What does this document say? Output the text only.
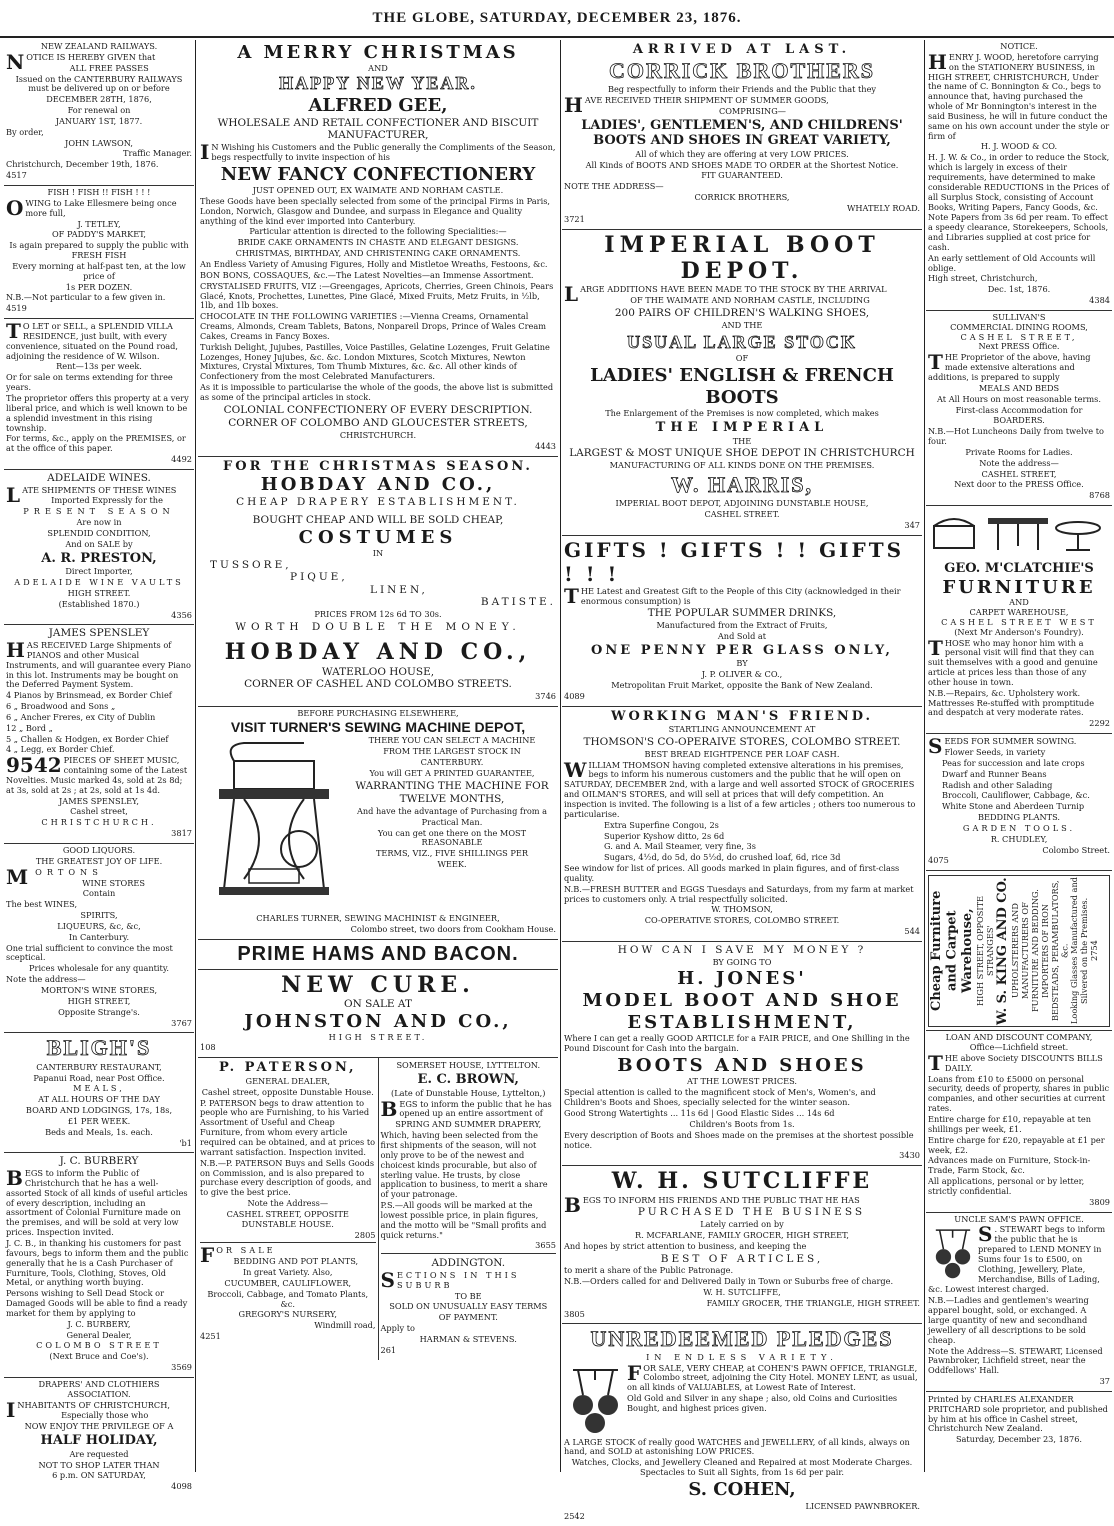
THE GLOBE, SATURDAY, DECEMBER 23, 1876.
NEW ZEALAND RAILWAYS.

NOTICE IS HEREBY GIVEN that

ALL FREE PASSES

Issued on the CANTERBURY RAILWAYS must be delivered up on or before

DECEMBER 28TH, 1876,

For renewal on

JANUARY 1ST, 1877.

By order,

JOHN LAWSON,

Traffic Manager.

Christchurch, December 19th, 1876.

4517

FISH ! FISH !! FISH ! ! !

OWING to Lake Ellesmere being once more full,

J. TETLEY,

OF PADDY'S MARKET,

Is again prepared to supply the public with FRESH FISH

Every morning at half-past ten, at the low price of

1s PER DOZEN.

N.B.—Not particular to a few given in.

4519

T O LET or SELL, a SPLENDID VILLA RESIDENCE, just built, with every convenience, situated on the Pound road, adjoining the residence of W. Wilson.

Rent—13s per week.

Or for sale on terms extending for three years.

The proprietor offers this property at a very liberal price, and which is well known to be a splendid investment in this rising township.

For terms, &c., apply on the PREMISES, or at the office of this paper.

4492

ADELAIDE WINES.

LATE SHIPMENTS OF THESE WINES

Imported Expressly for the

PRESENT SEASON

Are now in

SPLENDID CONDITION,

And on SALE by

A. R. PRESTON,

Direct Importer,

ADELAIDE WINE VAULTS

HIGH STREET.

(Established 1870.)

4356

JAMES SPENSLEY

HAS RECEIVED Large Shipments of PIANOS and other Musical Instruments, and will guarantee every Piano in this lot. Instruments may be bought on the Deferred Payment System.

4 Pianos by Brinsmead, ex Border Chief

6 „ Broadwood and Sons „

6 „ Ancher Freres, ex City of Dublin

12 „ Bord „

5 „ Challen & Hodgen, ex Border Chief

4 „ Legg, ex Border Chief.

9542 PIECES OF SHEET MUSIC, containing some of the Latest Novelties. Music marked 4s, sold at 2s 8d; at 3s, sold at 2s ; at 2s, sold at 1s 4d.

JAMES SPENSLEY,

Cashel street,

CHRISTCHURCH.

3817

GOOD LIQUORS.

THE GREATEST JOY OF LIFE.

MORTONS

WINE STORES

Contain

The best WINES,

SPIRITS,

LIQUEURS, &c, &c,

In Canterbury.

One trial sufficient to convince the most sceptical.

Prices wholesale for any quantity.

Note the address—

MORTON'S WINE STORES,

HIGH STREET,

Opposite Strange's.

3767

BLIGH'S

CANTERBURY RESTAURANT,

Papanui Road, near Post Office.

MEALS,

AT ALL HOURS OF THE DAY

BOARD AND LODGINGS, 17s, 18s,

£1 PER WEEK.

Beds and Meals, 1s. each.

'b1

J. C. BURBERY

BEGS to inform the Public of Christchurch that he has a well-assorted Stock of all kinds of useful articles of every description, including an assortment of Colonial Furniture made on the premises, and will be sold at very low prices. Inspection invited.

J. C. B., in thanking his customers for past favours, begs to inform them and the public generally that he is a Cash Purchaser of Furniture, Tools, Clothing, Stoves, Old Metal, or anything worth buying.

Persons wishing to Sell Dead Stock or Damaged Goods will be able to find a ready market for them by applying to

J. C. BURBERY,

General Dealer,

COLOMBO STREET

(Next Bruce and Coe's).

3569

DRAPERS' AND CLOTHIERS ASSOCIATION.

INHABITANTS OF CHRISTCHURCH,

Especially those who

NOW ENJOY THE PRIVILEGE OF A

HALF HOLIDAY,

Are requested

NOT TO SHOP LATER THAN

6 p.m. ON SATURDAY,

4098

A MERRY CHRISTMAS
AND
HAPPY NEW YEAR.
ALFRED GEE,
WHOLESALE AND RETAIL CONFECTIONER AND BISCUIT MANUFACTURER,

I N Wishing his Customers and the Public generally the Compliments of the Season, begs respectfully to invite inspection of his

NEW FANCY CONFECTIONERY

JUST OPENED OUT, EX WAIMATE AND NORHAM CASTLE.

These Goods have been specially selected from some of the principal Firms in Paris, London, Norwich, Glasgow and Dundee, and surpass in Elegance and Quality anything of the kind ever imported into Canterbury.

Particular attention is directed to the following Specialities:—

BRIDE CAKE ORNAMENTS IN CHASTE AND ELEGANT DESIGNS.

CHRISTMAS, BIRTHDAY, AND CHRISTENING CAKE ORNAMENTS.

An Endless Variety of Amusing Figures, Holly and Mistletoe Wreaths, Festoons, &c.

BON BONS, COSSAQUES, &c.—The Latest Novelties—an Immense Assortment.

CRYSTALISED FRUITS, VIZ :—Greengages, Apricots, Cherries, Green Chinois, Pears Glacé, Knots, Prochettes, Lunettes, Pine Glacé, Mixed Fruits, Metz Fruits, in ½lb, 1lb, and 1lb boxes.

CHOCOLATE IN THE FOLLOWING VARIETIES :—Vienna Creams, Ornamental Creams, Almonds, Cream Tablets, Batons, Nonpareil Drops, Prince of Wales Cream Cakes, Creams in Fancy Boxes.

Turkish Delight, Jujubes, Pastilles, Voice Pastilles, Gelatine Lozenges, Fruit Gelatine Lozenges, Honey Jujubes, &c. &c. London Mixtures, Scotch Mixtures, Newton Mixtures, Crystal Mixtures, Tom Thumb Mixtures, &c. &c. All other kinds of Confectionery from the most Celebrated Manufacturers.

As it is impossible to particularise the whole of the goods, the above list is submitted as some of the principal articles in stock.

COLONIAL CONFECTIONERY OF EVERY DESCRIPTION.

CORNER OF COLOMBO AND GLOUCESTER STREETS,

CHRISTCHURCH.

4443

FOR THE CHRISTMAS SEASON.
HOBDAY AND CO.,
CHEAP DRAPERY ESTABLISHMENT.
BOUGHT CHEAP AND WILL BE SOLD CHEAP,
COSTUMES
IN
TUSSORE,
PIQUE,
LINEN,
BATISTE.

PRICES FROM 12s 6d TO 30s.

WORTH DOUBLE THE MONEY.
HOBDAY AND CO.,
WATERLOO HOUSE,
CORNER OF CASHEL AND COLOMBO STREETS.

3746

BEFORE PURCHASING ELSEWHERE,
VISIT TURNER'S SEWING MACHINE DEPOT,

THERE YOU CAN SELECT A MACHINE

FROM THE LARGEST STOCK IN

CANTERBURY.

You will GET A PRINTED GUARANTEE,

WARRANTING THE MACHINE FOR

TWELVE MONTHS,

And have the advantage of Purchasing from a

Practical Man.

You can get one there on the MOST REASONABLE

TERMS, VIZ., FIVE SHILLINGS PER

WEEK.

CHARLES TURNER, SEWING MACHINIST & ENGINEER,

Colombo street, two doors from Cookham House.

PRIME HAMS AND BACON.
NEW CURE.
ON SALE AT
JOHNSTON AND CO.,
HIGH STREET.

108

P. PATERSON,

GENERAL DEALER,

Cashel street, opposite Dunstable House.

P. PATERSON begs to draw attention to people who are Furnishing, to his Varied Assortment of Useful and Cheap Furniture, from whom every article required can be obtained, and at prices to warrant satisfaction. Inspection invited.

N.B.—P. PATERSON Buys and Sells Goods on Commission, and is also prepared to purchase every description of goods, and to give the best price.

Note the Address—

CASHEL STREET, OPPOSITE DUNSTABLE HOUSE.

2805

FOR SALE

BEDDING AND POT PLANTS,

In great Variety. Also,

CUCUMBER, CAULIFLOWER,

Broccoli, Cabbage, and Tomato Plants, &c.

GREGORY'S NURSERY,

Windmill road,

4251

SOMERSET HOUSE, LYTTELTON.

E. C. BROWN,

(Late of Dunstable House, Lyttelton,)

BEGS to inform the public that he has opened up an entire assortment of

SPRING AND SUMMER DRAPERY,

Which, having been selected from the first shipments of the season, will not only prove to be of the newest and choicest kinds procurable, but also of sterling value. He trusts, by close application to business, to merit a share of your patronage.

P.S.—All goods will be marked at the lowest possible price, in plain figures, and the motto will be "Small profits and quick returns."

3655

ADDINGTON.

SECTIONS IN THIS SUBURB

TO BE

SOLD ON UNUSUALLY EASY TERMS

OF PAYMENT.

Apply to

HARMAN & STEVENS.

261

ARRIVED AT LAST.
CORRICK BROTHERS

Beg respectfully to inform their Friends and the Public that they

HAVE RECEIVED THEIR SHIPMENT OF SUMMER GOODS,

COMPRISING—

LADIES', GENTLEMEN'S, AND CHILDRENS'
BOOTS AND SHOES IN GREAT VARIETY,

All of which they are offering at very LOW PRICES.

All Kinds of BOOTS AND SHOES MADE TO ORDER at the Shortest Notice.

FIT GUARANTEED.

NOTE THE ADDRESS—

CORRICK BROTHERS,

WHATELY ROAD.

3721

IMPERIAL BOOT DEPOT.

LARGE ADDITIONS HAVE BEEN MADE TO THE STOCK BY THE ARRIVAL

OF THE WAIMATE AND NORHAM CASTLE, INCLUDING

200 PAIRS OF CHILDREN'S WALKING SHOES,

AND THE

USUAL LARGE STOCK

OF

LADIES' ENGLISH & FRENCH BOOTS

The Enlargement of the Premises is now completed, which makes

THE IMPERIAL

THE

LARGEST & MOST UNIQUE SHOE DEPOT IN CHRISTCHURCH

MANUFACTURING OF ALL KINDS DONE ON THE PREMISES.

W. HARRIS,

IMPERIAL BOOT DEPOT, ADJOINING DUNSTABLE HOUSE,

CASHEL STREET.

347

GIFTS ! GIFTS ! ! GIFTS ! ! !

THE Latest and Greatest Gift to the People of this City (acknowledged in their enormous consumption) is

THE POPULAR SUMMER DRINKS,

Manufactured from the Extract of Fruits,

And Sold at

ONE PENNY PER GLASS ONLY,

BY

J. P. OLIVER & CO.,

Metropolitan Fruit Market, opposite the Bank of New Zealand.

4089

WORKING MAN'S FRIEND.

STARTLING ANNOUNCEMENT AT

THOMSON'S CO-OPERAIVE STORES, COLOMBO STREET.

BEST BREAD EIGHTPENCE PER LOAF CASH.

WILLIAM THOMSON having completed extensive alterations in his premises, begs to inform his numerous customers and the public that he will open on SATURDAY, DECEMBER 2nd, with a large and well assorted STOCK of GROCERIES and OILMAN'S STORES, and will sell at prices that will defy competition. An inspection is invited. The following is a list of a few articles ; others too numerous to particularise.

Extra Superfine Congou, 2s

Superior Kyshow ditto, 2s 6d

G. and A. Mail Steamer, very fine, 3s

Sugars, 4½d, do 5d, do 5½d, do crushed loaf, 6d, rice 3d

See window for list of prices. All goods marked in plain figures, and of first-class quality.

N.B.—FRESH BUTTER and EGGS Tuesdays and Saturdays, from my farm at market prices to customers only. A trial respectfully solicited.

W. THOMSON,

CO-OPERATIVE STORES, COLOMBO STREET.

544

HOW CAN I SAVE MY MONEY ?

BY GOING TO

H. JONES'
MODEL BOOT AND SHOE
ESTABLISHMENT,

Where I can get a really GOOD ARTICLE for a FAIR PRICE, and One Shilling in the Pound Discount for Cash into the bargain.

BOOTS AND SHOES

AT THE LOWEST PRICES.

Special attention is called to the magnificent stock of Men's, Women's, and Children's Boots and Shoes, specially selected for the winter season.

Good Strong Watertights ... 11s 6d | Good Elastic Sides ... 14s 6d

Children's Boots from 1s.

Every description of Boots and Shoes made on the premises at the shortest possible notice.

3430

W. H. SUTCLIFFE

BEGS TO INFORM HIS FRIENDS AND THE PUBLIC THAT HE HAS

PURCHASED THE BUSINESS

Lately carried on by

R. MCFARLANE, FAMILY GROCER, HIGH STREET,

And hopes by strict attention to business, and keeping the

BEST OF ARTICLES,

to merit a share of the Public Patronage.

N.B.—Orders called for and Delivered Daily in Town or Suburbs free of charge.

W. H. SUTCLIFFE,

FAMILY GROCER, THE TRIANGLE, HIGH STREET.

3805

UNREDEEMED PLEDGES
IN ENDLESS VARIETY.

FOR SALE, VERY CHEAP, at COHEN'S PAWN OFFICE, TRIANGLE, Colombo street, adjoining the City Hotel. MONEY LENT, as usual, on all kinds of VALUABLES, at Lowest Rate of Interest.

Old Gold and Silver in any shape ; also, old Coins and Curiosities Bought, and highest prices given.

A LARGE STOCK of really good WATCHES and JEWELLERY, of all kinds, always on hand, and SOLD at astonishing LOW PRICES.

Watches, Clocks, and Jewellery Cleaned and Repaired at most Moderate Charges. Spectacles to Suit all Sights, from 1s 6d per pair.

S. COHEN,

LICENSED PAWNBROKER.

2542

NOTICE.

HENRY J. WOOD, heretofore carrying on the STATIONERY BUSINESS, in HIGH STREET, CHRISTCHURCH, Under the name of C. Bonnington & Co., begs to announce that, having purchased the whole of Mr Bonnington's interest in the said Business, he will in future conduct the same on his own account under the style or firm of

H. J. WOOD & CO.

H. J. W. & Co., in order to reduce the Stock, which is largely in excess of their requirements, have determined to make considerable REDUCTIONS in the Prices of all Surplus Stock, consisting of Account Books, Writing Papers, Fancy Goods, &c.

Note Papers from 3s 6d per ream. To effect a speedy clearance, Storekeepers, Schools, and Libraries supplied at cost price for cash.

An early settlement of Old Accounts will oblige.

High street, Christchurch,

Dec. 1st, 1876.

4384

SULLIVAN'S
COMMERCIAL DINING ROOMS,
CASHEL STREET,
Next PRESS Office.

THE Proprietor of the above, having made extensive alterations and additions, is prepared to supply

MEALS AND BEDS

At All Hours on most reasonable terms.

First-class Accommodation for

BOARDERS.

N.B.—Hot Luncheons Daily from twelve to four.

Private Rooms for Ladies.

Note the address—

CASHEL STREET,

Next door to the PRESS Office.

8768

GEO. M'CLATCHIE'S
FURNITURE
AND
CARPET WAREHOUSE,
CASHEL STREET WEST
(Next Mr Anderson's Foundry).

THOSE who may honor him with a personal visit will find that they can suit themselves with a good and genuine article at prices less than those of any other house in town.

N.B.—Repairs, &c. Upholstery work. Mattresses Re-stuffed with promptitude and despatch at very moderate rates.

2292

SEEDS FOR SUMMER SOWING.

Flower Seeds, in variety

Peas for succession and late crops

Dwarf and Runner Beans

Radish and other Salading

Broccoli, Cauliflower, Cabbage, &c.

White Stone and Aberdeen Turnip

BEDDING PLANTS.

GARDEN TOOLS.

R. CHUDLEY,

Colombo Street.

4075

Cheap Furniture and Carpet Warehouse, HIGH STREET, OPPOSITE STRANGES' W. S. KING AND CO. UPHOLSTERERS AND MANUFACTURERS OF FURNITURE AND BEDDING. IMPORTERS OF IRON BEDSTEADS, PERAMBULATORS, &c. Looking Glasses Manufactured and Silvered on the Premises. 2754
LOAN AND DISCOUNT COMPANY,
Office—Lichfield street.

THE above Society DISCOUNTS BILLS DAILY.

Loans from £10 to £5000 on personal security, deeds of property, shares in public companies, and other securities at current rates.

Entire charge for £10, repayable at ten shillings per week, £1.

Entire charge for £20, repayable at £1 per week, £2.

Advances made on Furniture, Stock-in-Trade, Farm Stock, &c.

All applications, personal or by letter, strictly confidential.

3809

UNCLE SAM'S PAWN OFFICE.

S . STEWART begs to inform the public that he is prepared to LEND MONEY in Sums four 1s to £500, on Clothing, Jewellery, Plate, Merchandise, Bills of Lading, &c. Lowest interest charged.

N.B.—Ladies and gentlemen's wearing apparel bought, sold, or exchanged. A large quantity of new and secondhand jewellery of all descriptions to be sold cheap.

Note the Address—S. STEWART, Licensed Pawnbroker, Lichfield street, near the Oddfellows' Hall.

37

Printed by CHARLES ALEXANDER PRITCHARD sole proprietor, and published by him at his office in Cashel street, Christchurch New Zealand.

Saturday, December 23, 1876.
